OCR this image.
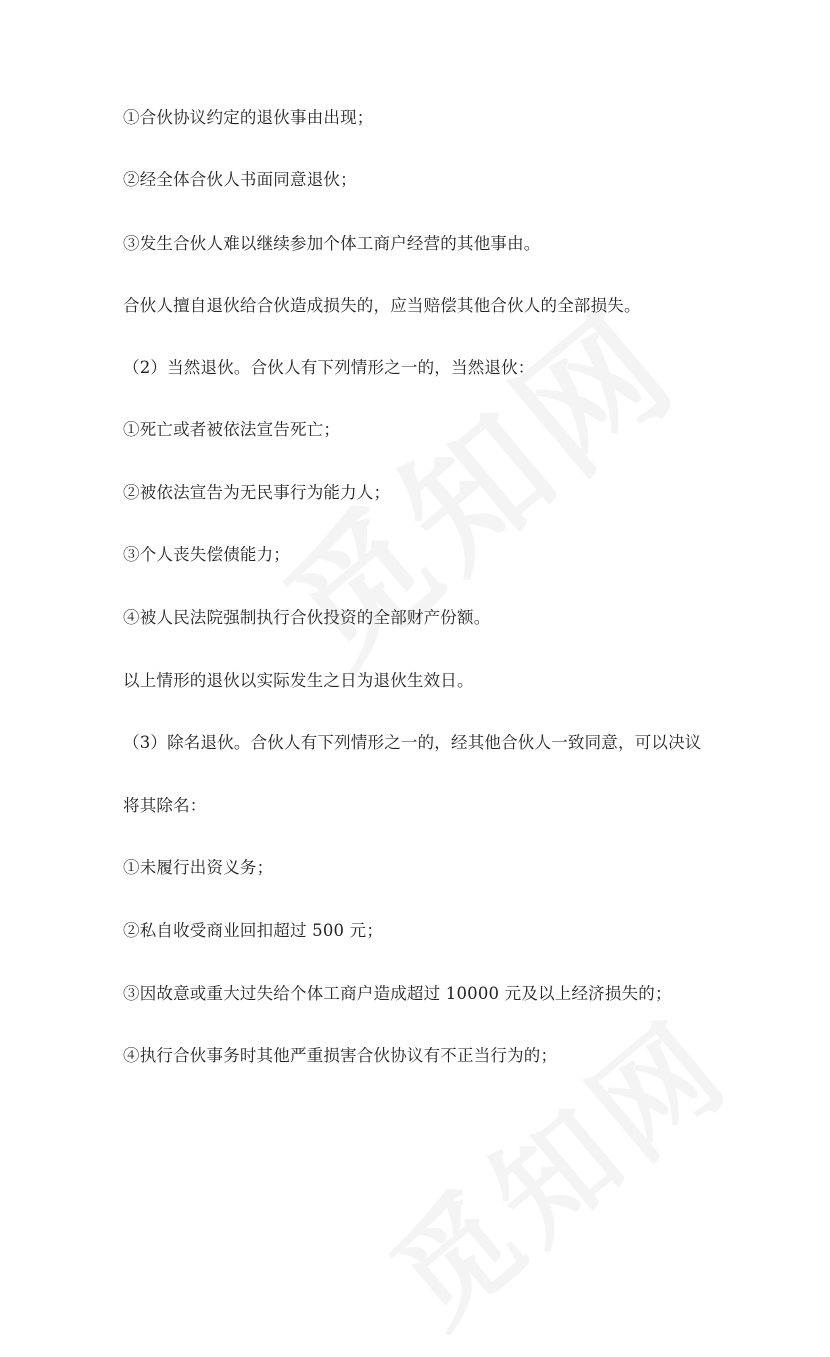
①合伙协议约定的退伙事由出现；
②经全体合伙人书面同意退伙；
③发生合伙人难以继续参加个体工商户经营的其他事由。
合伙人擅自退伙给合伙造成损失的，应当赔偿其他合伙人的全部损失。
（2）当然退伙。合伙人有下列情形之一的，当然退伙：
①死亡或者被依法宣告死亡；
②被依法宣告为无民事行为能力人；
③个人丧失偿债能力；
④被人民法院强制执行合伙投资的全部财产份额。
以上情形的退伙以实际发生之日为退伙生效日。
（3）除名退伙。合伙人有下列情形之一的，经其他合伙人一致同意，可以决议
将其除名：
①未履行出资义务；
②私自收受商业回扣超过 500 元；
③因故意或重大过失给个体工商户造成超过 10000 元及以上经济损失的；
④执行合伙事务时其他严重损害合伙协议有不正当行为的；
